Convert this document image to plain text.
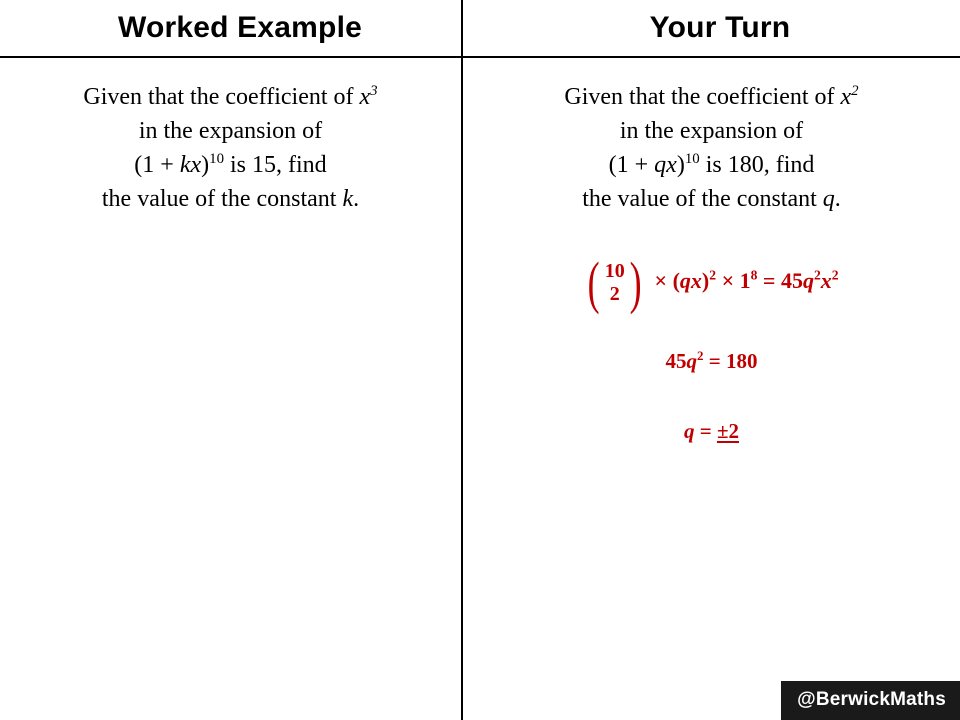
Worked Example	Your Turn
Given that the coefficient of $x^3$
in the expansion of
(1 + kx)$^{10}$ is 15, find
the value of the constant k.
Given that the coefficient of $x^2$
in the expansion of
(1 + qx)$^{10}$ is 180, find
the value of the constant q.
( 10
2 ) × $(qx)^2 \times 1^8 = 45q^2x^2$
$45q^2 = 180$
q = ±2
@BerwickMaths
